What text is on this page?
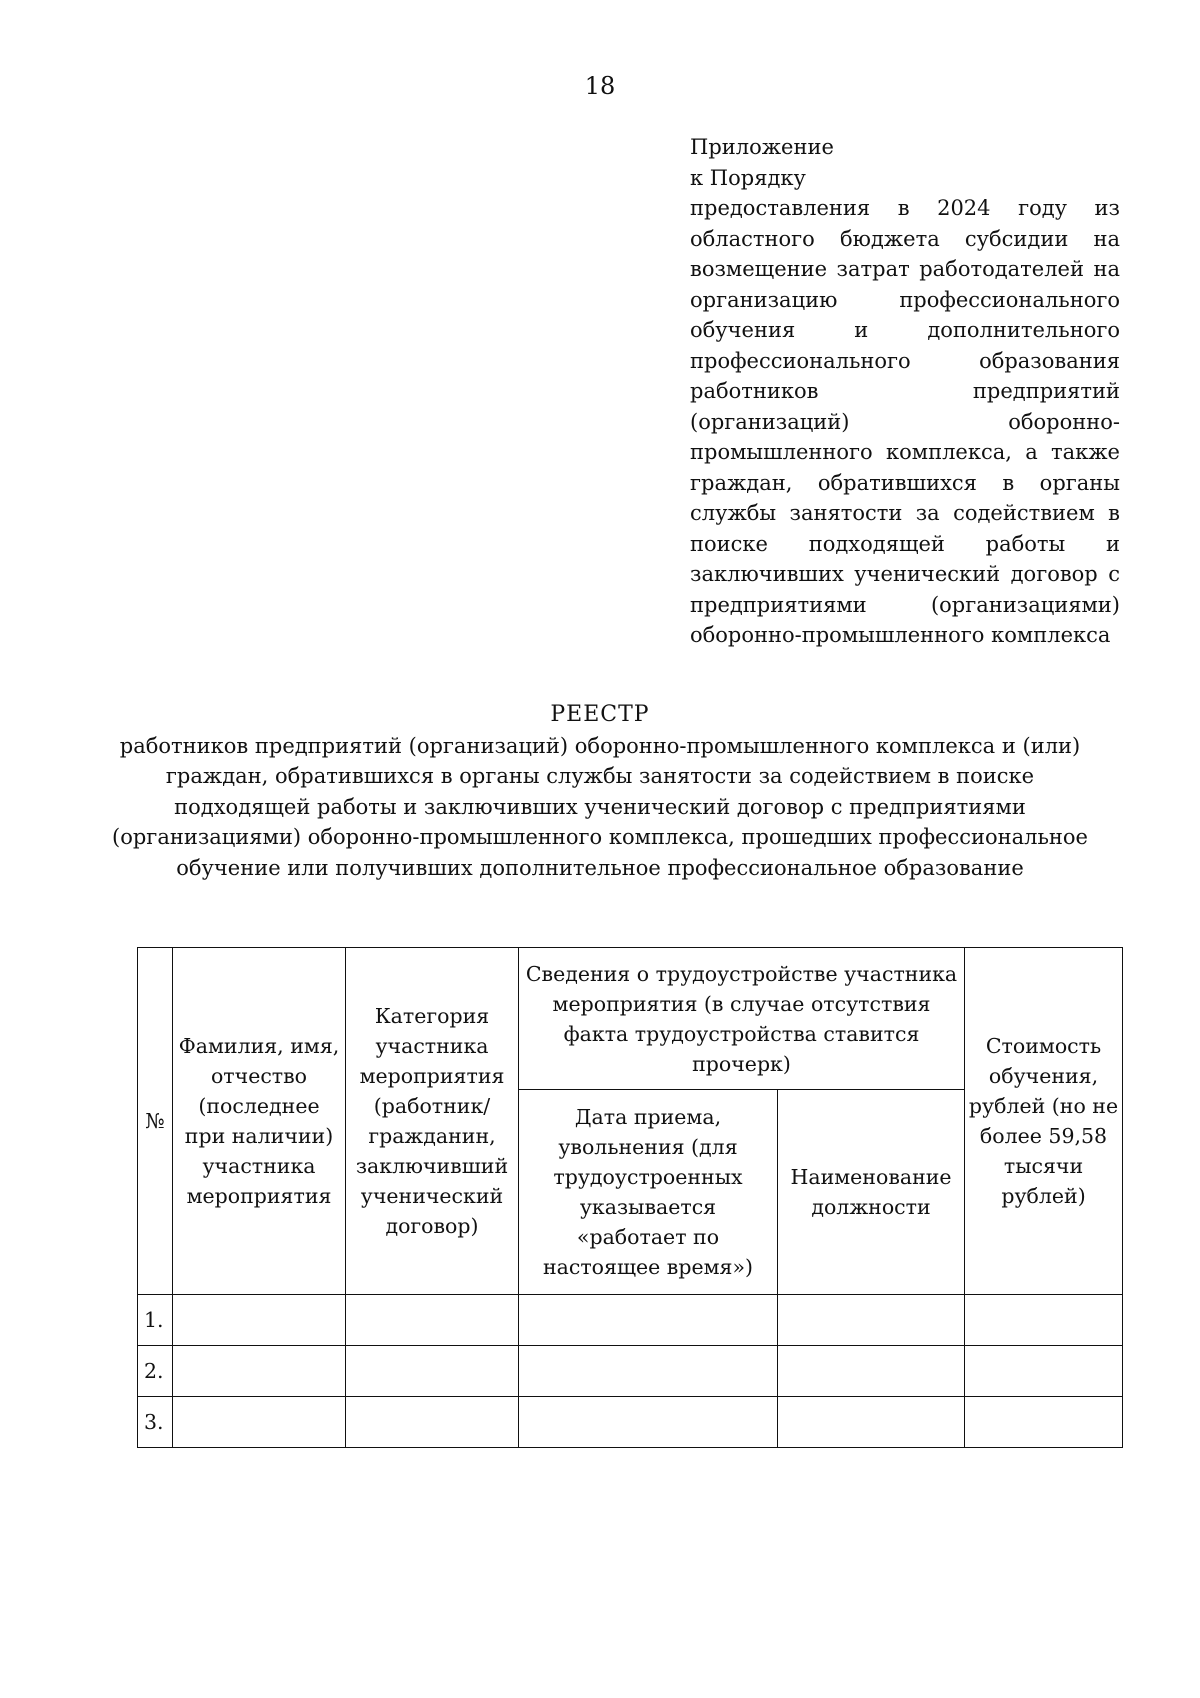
18
Приложение
к Порядку
предоставления в 2024 году из областного бюджета субсидии на возмещение затрат работодателей на организацию профессионального обучения и дополнительного профессионального образования работников предприятий (организаций) оборонно-промышленного комплекса, а также граждан, обратившихся в органы службы занятости за содействием в поиске подходящей работы и заключивших ученический договор с предприятиями (организациями) оборонно-промышленного комплекса
РЕЕСТР
работников предприятий (организаций) оборонно-промышленного комплекса и (или) граждан, обратившихся в органы службы занятости за содействием в поиске подходящей работы и заключивших ученический договор с предприятиями (организациями) оборонно-промышленного комплекса, прошедших профессиональное обучение или получивших дополнительное профессиональное образование
№	Фамилия, имя, отчество (последнее при наличии) участника мероприятия	Категория участника мероприятия (работник/ гражданин, заключивший ученический договор)	Сведения о трудоустройстве участника мероприятия (в случае отсутствия факта трудоустройства ставится прочерк)		Стоимость обучения, рублей (но не более 59,58 тысячи рублей)
			Дата приема, увольнения (для трудоустроенных указывается «работает по настоящее время»)	Наименование должности	
1.					
2.					
3.					
